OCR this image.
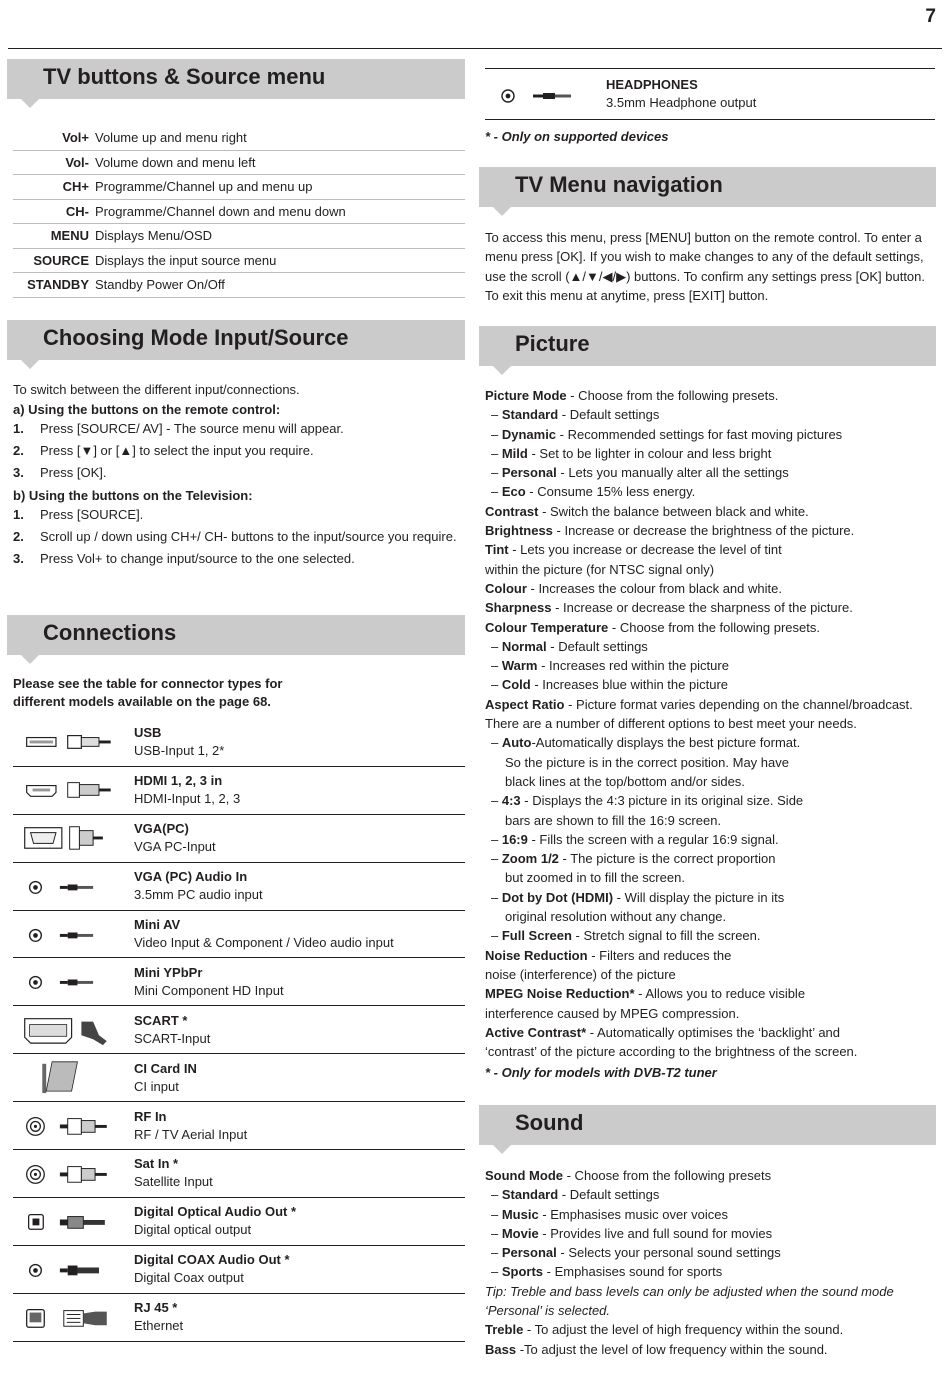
7
TV buttons & Source menu
Vol+ Volume up and menu right
Vol- Volume down and menu left
CH+ Programme/Channel up and menu up
CH- Programme/Channel down and menu down
MENU Displays Menu/OSD
SOURCE Displays the input source menu
STANDBY Standby Power On/Off
Choosing Mode Input/Source
To switch between the different input/connections.
a) Using the buttons on the remote control:
1.	Press [SOURCE/ AV] - The source menu will appear.
2.	Press [▼] or [▲] to select the input you require.
3.	Press [OK].
b) Using the buttons on the Television:
1.	Press [SOURCE].
2.	Scroll up / down using CH+/ CH- buttons to the input/source you require.
3.	Press Vol+ to change input/source to the one selected.
Connections
Please see the table for connector types for different models available on the page 68.
USB
USB-Input 1, 2*
HDMI 1, 2, 3 in
HDMI-Input 1, 2, 3
VGA(PC)
VGA PC-Input
VGA (PC) Audio In
3.5mm PC audio input
Mini AV
Video Input & Component / Video audio input
Mini YPbPr
Mini Component HD Input
SCART *
SCART-Input
CI Card IN
CI input
RF In
RF / TV Aerial Input
Sat In *
Satellite Input
Digital Optical Audio Out *
Digital optical output
Digital COAX Audio Out *
Digital Coax output
RJ 45 *
Ethernet
HEADPHONES
3.5mm Headphone output
* - Only on supported devices
TV Menu navigation
To access this menu, press [MENU] button on the remote control. To enter a menu press [OK]. If you wish to make changes to any of the default settings, use the scroll (▲/▼/◀/▶) buttons. To confirm any settings press [OK] button. To exit this menu at anytime, press [EXIT] button.
Picture
Picture Mode - Choose from the following presets.
– Standard - Default settings
– Dynamic - Recommended settings for fast moving pictures
– Mild - Set to be lighter in colour and less bright
– Personal - Lets you manually alter all the settings
– Eco - Consume 15% less energy.
Contrast - Switch the balance between black and white.
Brightness - Increase or decrease the brightness of the picture.
Tint - Lets you increase or decrease the level of tint
within the picture (for NTSC signal only)
Colour - Increases the colour from black and white.
Sharpness - Increase or decrease the sharpness of the picture.
Colour Temperature - Choose from the following presets.
– Normal - Default settings
– Warm - Increases red within the picture
– Cold - Increases blue within the picture
Aspect Ratio - Picture format varies depending on the channel/broadcast.
There are a number of different options to best meet your needs.
– Auto-Automatically displays the best picture format.
So the picture is in the correct position. May have
black lines at the top/bottom and/or sides.
– 4:3 - Displays the 4:3 picture in its original size. Side
bars are shown to fill the 16:9 screen.
– 16:9 - Fills the screen with a regular 16:9 signal.
– Zoom 1/2 - The picture is the correct proportion
but zoomed in to fill the screen.
– Dot by Dot (HDMI) - Will display the picture in its
original resolution without any change.
– Full Screen - Stretch signal to fill the screen.
Noise Reduction - Filters and reduces the
noise (interference) of the picture
MPEG Noise Reduction* - Allows you to reduce visible
interference caused by MPEG compression.
Active Contrast* - Automatically optimises the ‘backlight’ and
‘contrast’ of the picture according to the brightness of the screen.
* - Only for models with DVB-T2 tuner
Sound
Sound Mode - Choose from the following presets
– Standard - Default settings
– Music - Emphasises music over voices
– Movie - Provides live and full sound for movies
– Personal - Selects your personal sound settings
– Sports - Emphasises sound for sports
Tip: Treble and bass levels can only be adjusted when the sound mode
‘Personal’ is selected.
Treble - To adjust the level of high frequency within the sound.
Bass -To adjust the level of low frequency within the sound.
